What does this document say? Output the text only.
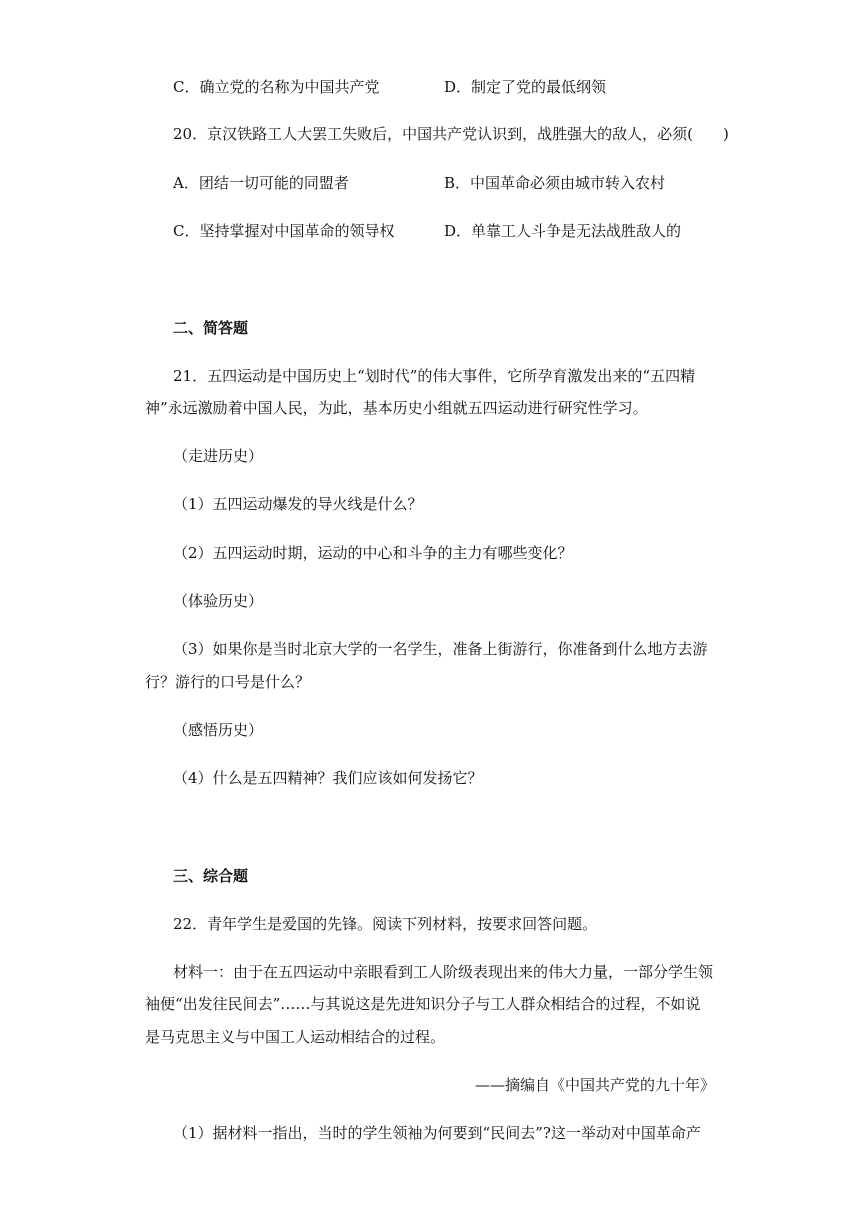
C．确立党的名称为中国共产党	D．制定了党的最低纲领
20．京汉铁路工人大罢工失败后，中国共产党认识到，战胜强大的敌人，必须(　　)
A．团结一切可能的同盟者	B．中国革命必须由城市转入农村
C．坚持掌握对中国革命的领导权	D．单靠工人斗争是无法战胜敌人的
二、简答题
21．五四运动是中国历史上“划时代”的伟大事件，它所孕育激发出来的“五四精
神”永远激励着中国人民，为此，基本历史小组就五四运动进行研究性学习。
（走进历史）
（1）五四运动爆发的导火线是什么？
（2）五四运动时期，运动的中心和斗争的主力有哪些变化？
（体验历史）
（3）如果你是当时北京大学的一名学生，准备上街游行，你准备到什么地方去游
行？游行的口号是什么？
（感悟历史）
（4）什么是五四精神？我们应该如何发扬它？
三、综合题
22．青年学生是爱国的先锋。阅读下列材料，按要求回答问题。
材料一：由于在五四运动中亲眼看到工人阶级表现出来的伟大力量，一部分学生领
袖便“出发往民间去”……与其说这是先进知识分子与工人群众相结合的过程，不如说
是马克思主义与中国工人运动相结合的过程。
——摘编自《中国共产党的九十年》
（1）据材料一指出，当时的学生领袖为何要到“民间去”?这一举动对中国革命产
